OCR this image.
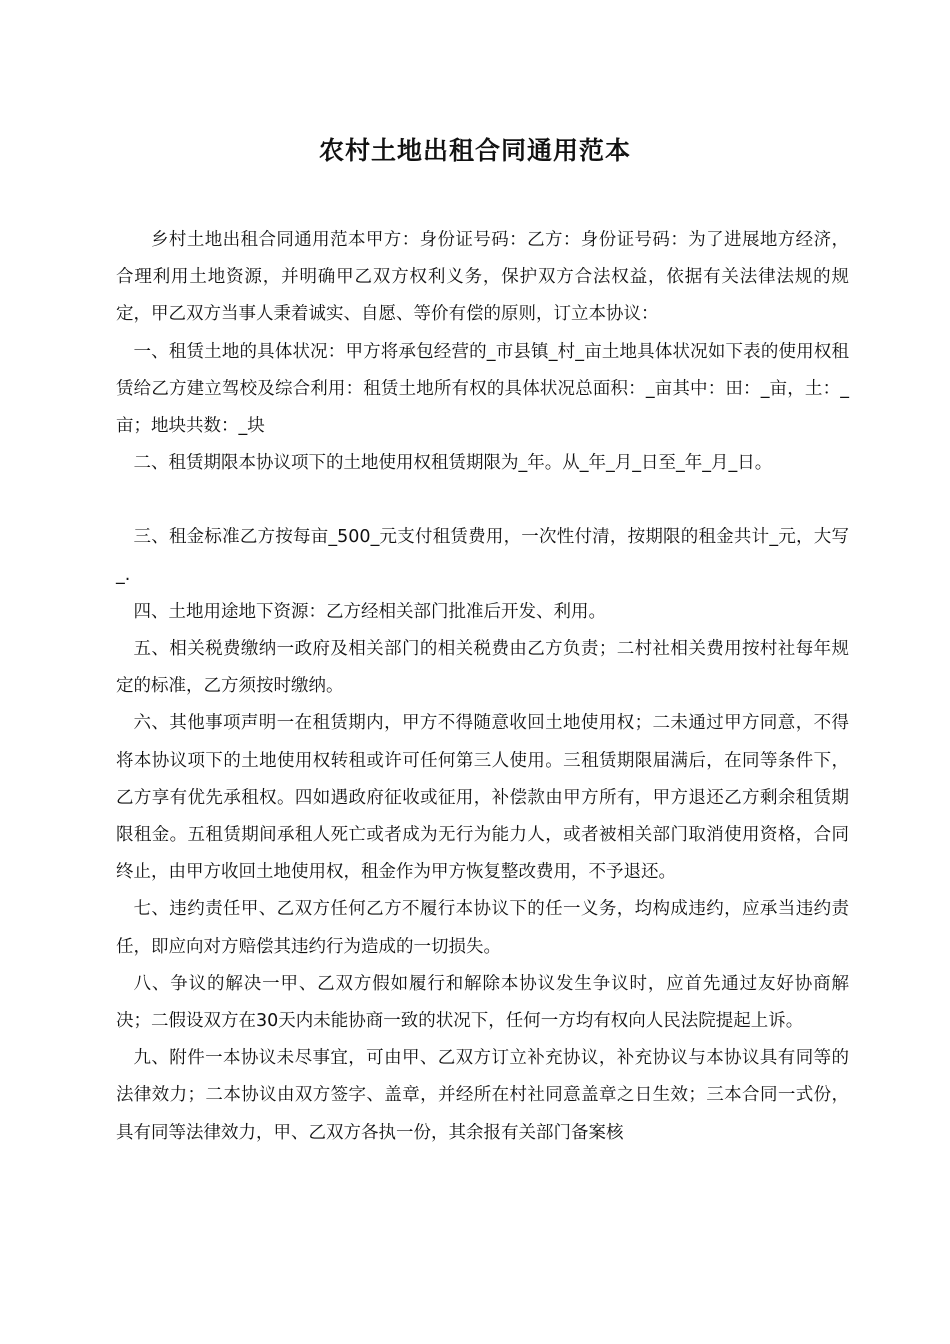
农村土地出租合同通用范本

乡村土地出租合同通用范本甲方：身份证号码：乙方：身份证号码：为了进展地方经济，合理利用土地资源，并明确甲乙双方权利义务，保护双方合法权益，依据有关法律法规的规定，甲乙双方当事人秉着诚实、自愿、等价有偿的原则，订立本协议：

一、租赁土地的具体状况：甲方将承包经营的_市县镇_村_亩土地具体状况如下表的使用权租赁给乙方建立驾校及综合利用：租赁土地所有权的具体状况总面积：_亩其中：田：_亩，土：_亩；地块共数：_块

二、租赁期限本协议项下的土地使用权租赁期限为_年。从_年_月_日至_年_月_日。

三、租金标准乙方按每亩_500_元支付租赁费用，一次性付清，按期限的租金共计_元，大写_.

四、土地用途地下资源：乙方经相关部门批准后开发、利用。

五、相关税费缴纳一政府及相关部门的相关税费由乙方负责；二村社相关费用按村社每年规定的标准，乙方须按时缴纳。

六、其他事项声明一在租赁期内，甲方不得随意收回土地使用权；二未通过甲方同意，不得将本协议项下的土地使用权转租或许可任何第三人使用。三租赁期限届满后，在同等条件下，乙方享有优先承租权。四如遇政府征收或征用，补偿款由甲方所有，甲方退还乙方剩余租赁期限租金。五租赁期间承租人死亡或者成为无行为能力人，或者被相关部门取消使用资格，合同终止，由甲方收回土地使用权，租金作为甲方恢复整改费用，不予退还。

七、违约责任甲、乙双方任何乙方不履行本协议下的任一义务，均构成违约，应承当违约责任，即应向对方赔偿其违约行为造成的一切损失。

八、争议的解决一甲、乙双方假如履行和解除本协议发生争议时，应首先通过友好协商解决；二假设双方在30天内未能协商一致的状况下，任何一方均有权向人民法院提起上诉。

九、附件一本协议未尽事宜，可由甲、乙双方订立补充协议，补充协议与本协议具有同等的法律效力；二本协议由双方签字、盖章，并经所在村社同意盖章之日生效；三本合同一式份，具有同等法律效力，甲、乙双方各执一份，其余报有关部门备案核
